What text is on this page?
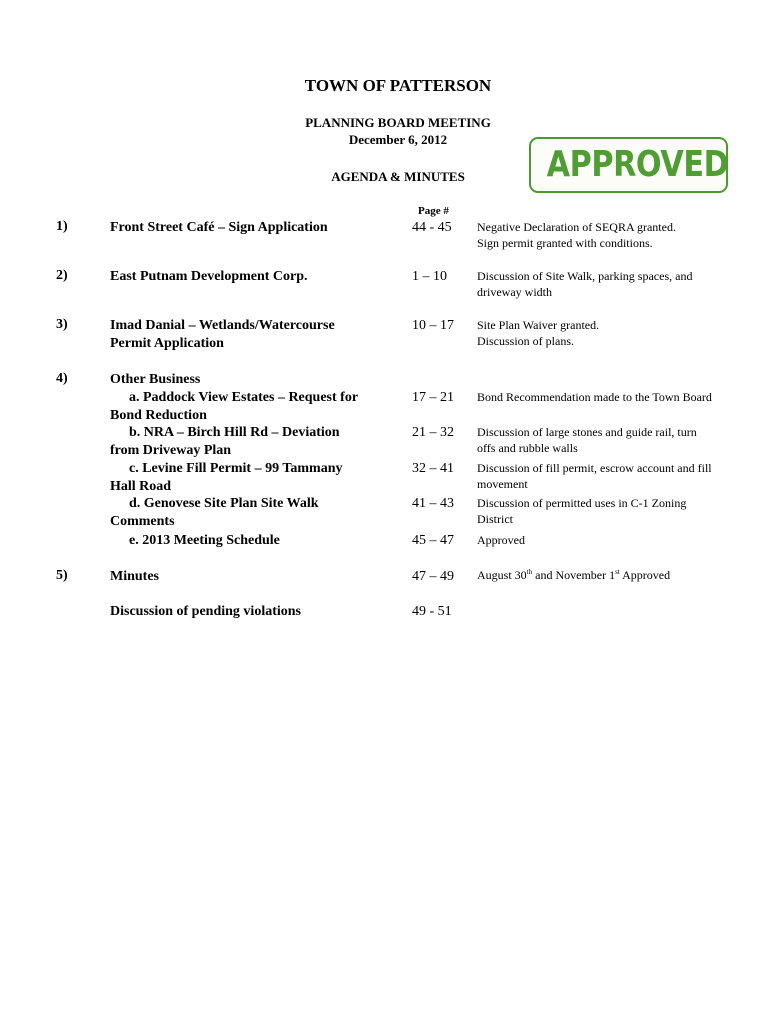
TOWN OF PATTERSON
PLANNING BOARD MEETING
December 6, 2012
AGENDA & MINUTES	APPROVED
Page #
1)	Front Street Café – Sign Application	44 - 45	Negative Declaration of SEQRA granted.
Sign permit granted with conditions.
2)	East Putnam Development Corp.	1 – 10	Discussion of Site Walk, parking spaces, and
driveway width
3)	Imad Danial – Wetlands/Watercourse
Permit Application
10 – 17	Site Plan Waiver granted.
Discussion of plans.
4)	Other Business
a. Paddock View Estates – Request for
Bond Reduction
17 – 21	Bond Recommendation made to the Town Board
b. NRA – Birch Hill Rd – Deviation
from Driveway Plan
21 – 32	Discussion of large stones and guide rail, turn
offs and rubble walls
c. Levine Fill Permit – 99 Tammany
Hall Road
32 – 41	Discussion of fill permit, escrow account and fill
movement
d. Genovese Site Plan Site Walk
Comments
41 – 43	Discussion of permitted uses in C-1 Zoning
District
e. 2013 Meeting Schedule	45 – 47	Approved
5)	Minutes	47 – 49	August 30th and November 1st Approved
Discussion of pending violations	49 - 51
